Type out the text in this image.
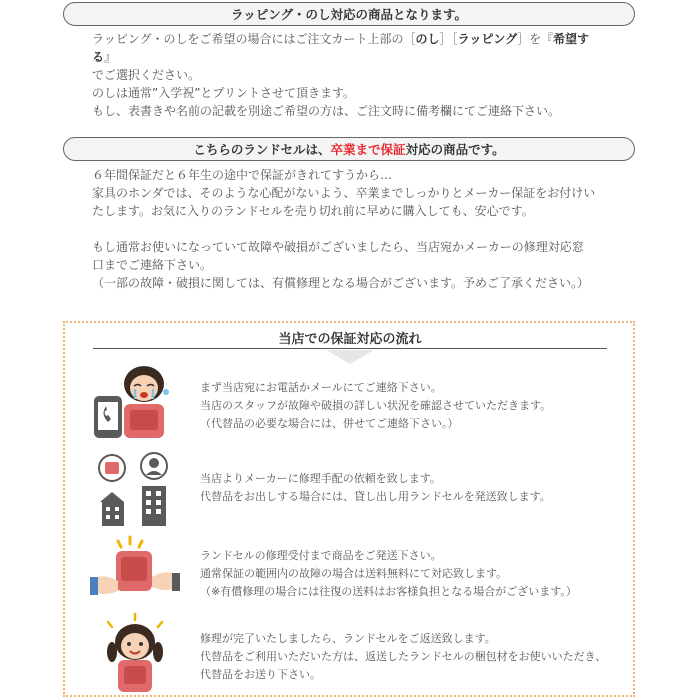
ラッピング・のし対応の商品となります。
ラッピング・のしをご希望の場合にはご注文カート上部の［のし］［ラッピング］を『希望する』
でご選択ください。
のしは通常”入学祝”とプリントさせて頂きます。
もし、表書きや名前の記載を別途ご希望の方は、ご注文時に備考欄にてご連絡下さい。
こちらのランドセルは、 卒業まで保証 対応の商品です。
６年間保証だと６年生の途中で保証がきれてすうから…
家具のホンダでは、そのような心配がないよう、卒業までしっかりとメーカー保証をお付けい
たします。お気に入りのランドセルを売り切れ前に早めに購入しても、安心です。
もし通常お使いになっていて故障や破損がございましたら、当店宛かメーカーの修理対応窓
口までご連絡下さい。
（一部の故障・破損に関しては、有償修理となる場合がございます。予めご了承ください。）
当店での保証対応の流れ
まず当店宛にお電話かメールにてご連絡下さい。
当店のスタッフが故障や破損の詳しい状況を確認させていただきます。
（代替品の必要な場合には、併せてご連絡下さい。）
当店よりメーカーに修理手配の依頼を致します。
代替品をお出しする場合には、貸し出し用ランドセルを発送致します。
ランドセルの修理受付まで商品をご発送下さい。
通常保証の範囲内の故障の場合は送料無料にて対応致します。
（※有償修理の場合には往復の送料はお客様負担となる場合がございます。）
修理が完了いたしましたら、ランドセルをご返送致します。
代替品をご利用いただいた方は、返送したランドセルの梱包材をお使いいただき、
代替品をお送り下さい。
